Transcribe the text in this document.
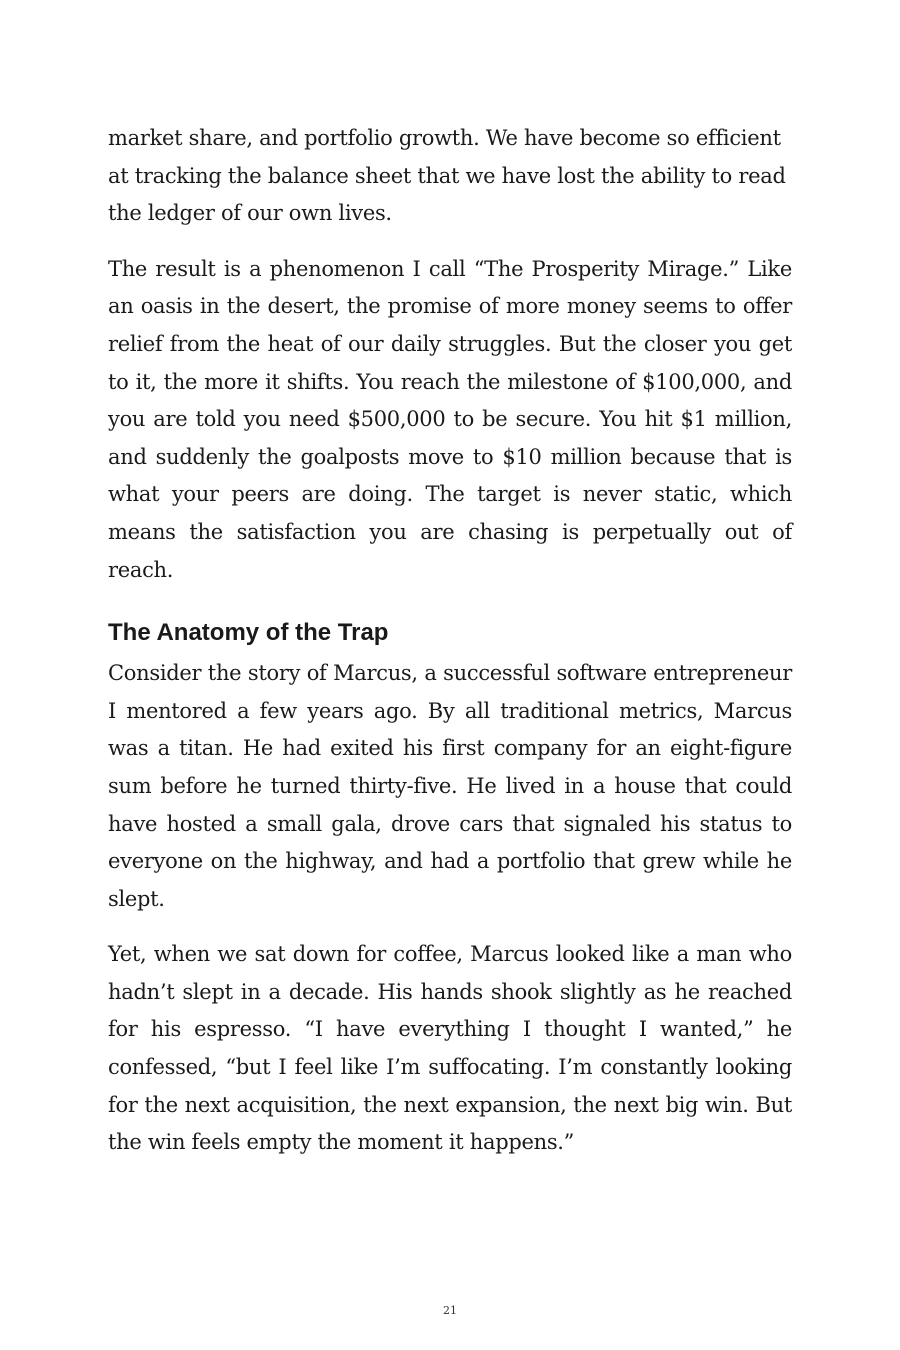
market share, and portfolio growth. We have become so efficient at tracking the balance sheet that we have lost the ability to read the ledger of our own lives.

The result is a phenomenon I call “The Prosperity Mirage.” Like an oasis in the desert, the promise of more money seems to offer relief from the heat of our daily struggles. But the closer you get to it, the more it shifts. You reach the milestone of $100,000, and you are told you need $500,000 to be secure. You hit $1 million, and suddenly the goalposts move to $10 million because that is what your peers are doing. The target is never static, which means the satisfaction you are chasing is perpetually out of reach.

The Anatomy of the Trap

Consider the story of Marcus, a successful software entrepreneur I mentored a few years ago. By all traditional metrics, Marcus was a titan. He had exited his first company for an eight-figure sum before he turned thirty-five. He lived in a house that could have hosted a small gala, drove cars that signaled his status to everyone on the highway, and had a portfolio that grew while he slept.

Yet, when we sat down for coffee, Marcus looked like a man who hadn’t slept in a decade. His hands shook slightly as he reached for his espresso. “I have everything I thought I wanted,” he confessed, “but I feel like I’m suffocating. I’m constantly looking for the next acquisition, the next expansion, the next big win. But the win feels empty the moment it happens.”

21
